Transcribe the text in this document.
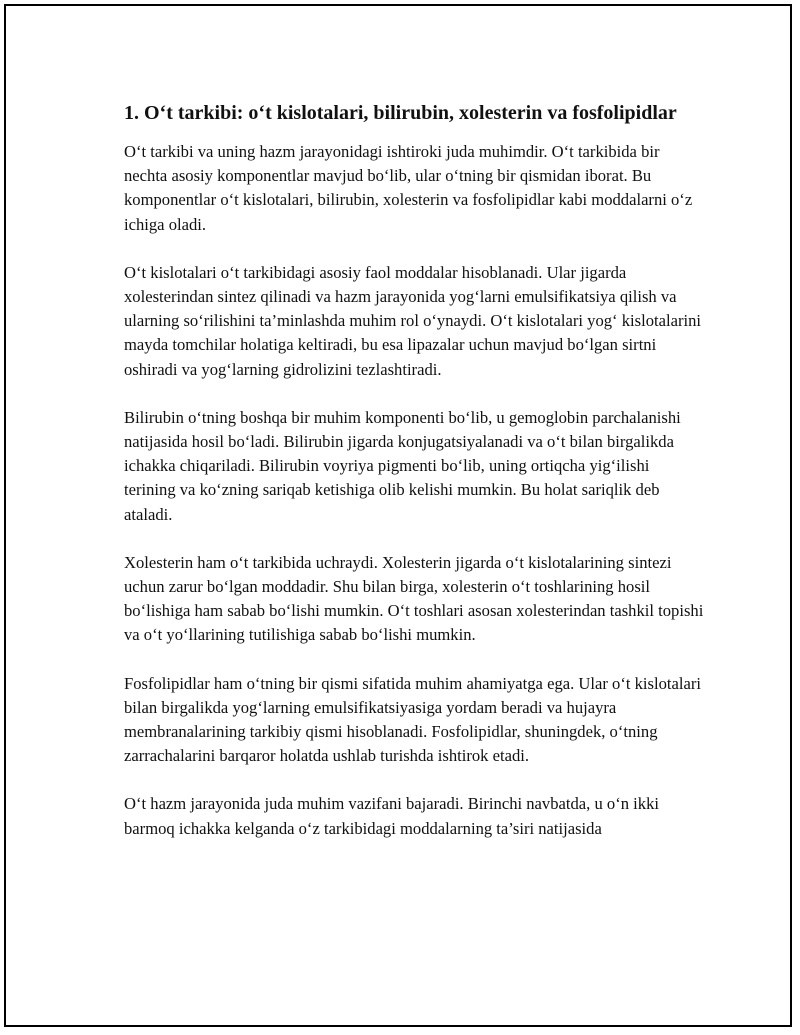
1. O‘t tarkibi: o‘t kislotalari, bilirubin, xolesterin va fosfolipidlar

O‘t tarkibi va uning hazm jarayonidagi ishtiroki juda muhimdir. O‘t tarkibida bir nechta asosiy komponentlar mavjud bo‘lib, ular o‘tning bir qismidan iborat. Bu komponentlar o‘t kislotalari, bilirubin, xolesterin va fosfolipidlar kabi moddalarni o‘z ichiga oladi.

O‘t kislotalari o‘t tarkibidagi asosiy faol moddalar hisoblanadi. Ular jigarda xolesterindan sintez qilinadi va hazm jarayonida yog‘larni emulsifikatsiya qilish va ularning so‘rilishini ta’minlashda muhim rol o‘ynaydi. O‘t kislotalari yog‘ kislotalarini mayda tomchilar holatiga keltiradi, bu esa lipazalar uchun mavjud bo‘lgan sirtni oshiradi va yog‘larning gidrolizini tezlashtiradi.

Bilirubin o‘tning boshqa bir muhim komponenti bo‘lib, u gemoglobin parchalanishi natijasida hosil bo‘ladi. Bilirubin jigarda konjugatsiyalanadi va o‘t bilan birgalikda ichakka chiqariladi. Bilirubin voyriya pigmenti bo‘lib, uning ortiqcha yig‘ilishi terining va ko‘zning sariqab ketishiga olib kelishi mumkin. Bu holat sariqlik deb ataladi.

Xolesterin ham o‘t tarkibida uchraydi. Xolesterin jigarda o‘t kislotalarining sintezi uchun zarur bo‘lgan moddadir. Shu bilan birga, xolesterin o‘t toshlarining hosil bo‘lishiga ham sabab bo‘lishi mumkin. O‘t toshlari asosan xolesterindan tashkil topishi va o‘t yo‘llarining tutilishiga sabab bo‘lishi mumkin.

Fosfolipidlar ham o‘tning bir qismi sifatida muhim ahamiyatga ega. Ular o‘t kislotalari bilan birgalikda yog‘larning emulsifikatsiyasiga yordam beradi va hujayra membranalarining tarkibiy qismi hisoblanadi. Fosfolipidlar, shuningdek, o‘tning zarrachalarini barqaror holatda ushlab turishda ishtirok etadi.

O‘t hazm jarayonida juda muhim vazifani bajaradi. Birinchi navbatda, u o‘n ikki barmoq ichakka kelganda o‘z tarkibidagi moddalarning ta’siri natijasida
